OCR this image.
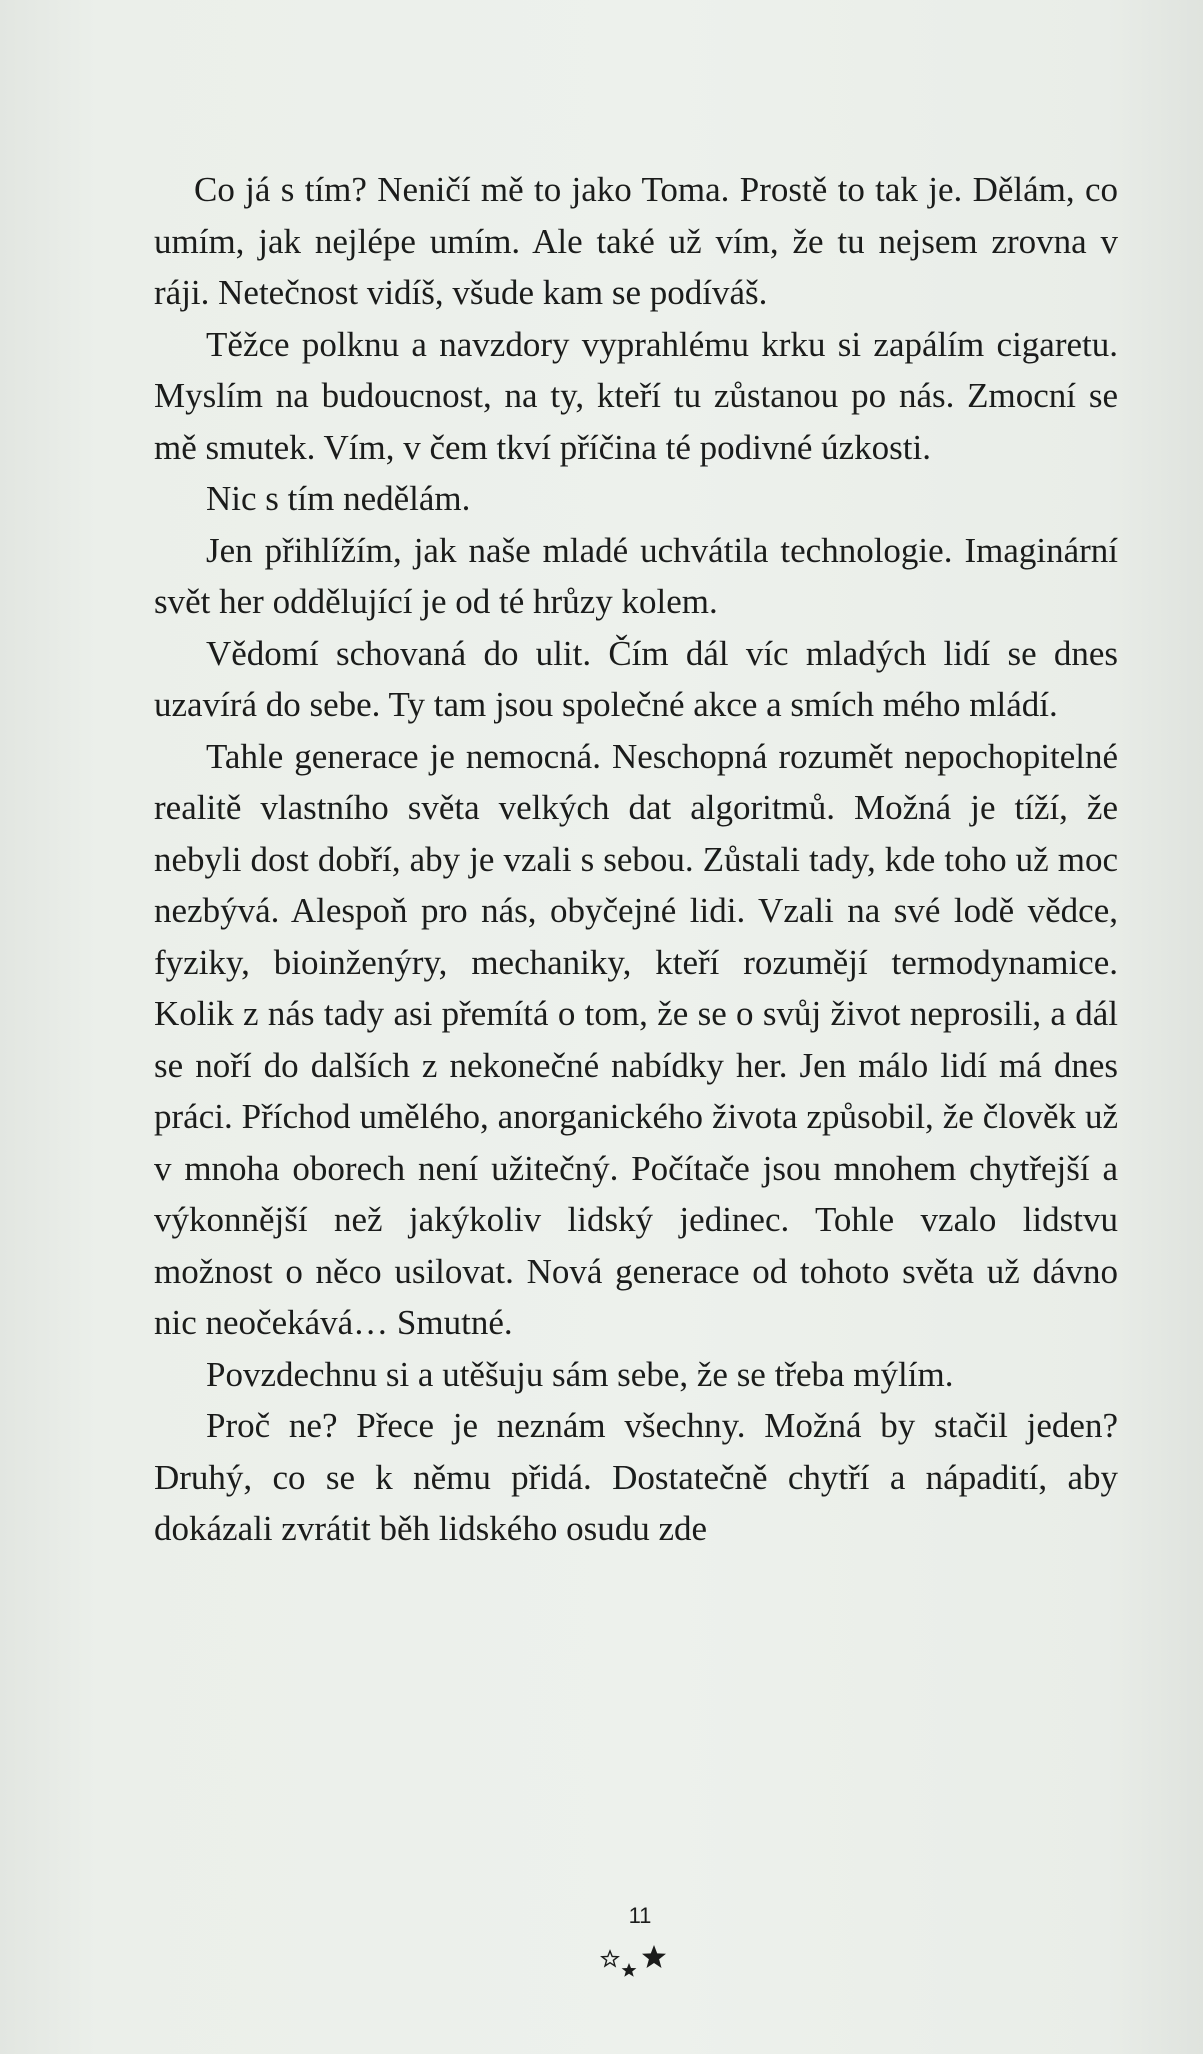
Co já s tím? Neničí mě to jako Toma. Prostě to tak je. Dělám, co umím, jak nejlépe umím. Ale také už vím, že tu nejsem zrovna v ráji. Netečnost vidíš, všude kam se podíváš.

Těžce polknu a navzdory vyprahlému krku si zapálím cigaretu. Myslím na budoucnost, na ty, kteří tu zůstanou po nás. Zmocní se mě smutek. Vím, v čem tkví příčina té podivné úzkosti.

Nic s tím nedělám.

Jen přihlížím, jak naše mladé uchvátila technologie. Imaginární svět her oddělující je od té hrůzy kolem.

Vědomí schovaná do ulit. Čím dál víc mladých lidí se dnes uzavírá do sebe. Ty tam jsou společné akce a smích mého mládí.

Tahle generace je nemocná. Neschopná rozumět nepochopitelné realitě vlastního světa velkých dat algoritmů. Možná je tíží, že nebyli dost dobří, aby je vzali s sebou. Zůstali tady, kde toho už moc nezbývá. Alespoň pro nás, obyčejné lidi. Vzali na své lodě vědce, fyziky, bioinženýry, mechaniky, kteří rozumějí termodynamice. Kolik z nás tady asi přemítá o tom, že se o svůj život neprosili, a dál se noří do dalších z nekonečné nabídky her. Jen málo lidí má dnes práci. Příchod umělého, anorganického života způsobil, že člověk už v mnoha oborech není užitečný. Počítače jsou mnohem chytřejší a výkonnější než jakýkoliv lidský jedinec. Tohle vzalo lidstvu možnost o něco usilovat. Nová generace od tohoto světa už dávno nic neočekává… Smutné.

Povzdechnu si a utěšuju sám sebe, že se třeba mýlím.

Proč ne? Přece je neznám všechny. Možná by stačil jeden? Druhý, co se k němu přidá. Dostatečně chytří a nápadití, aby dokázali zvrátit běh lidského osudu zde

11
